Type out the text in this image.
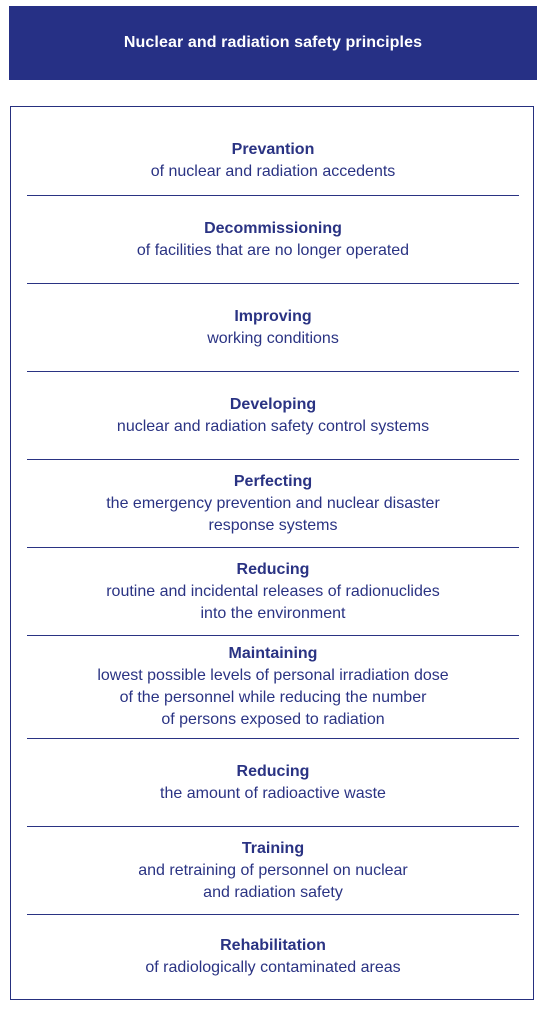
Nuclear and radiation safety principles
Prevantion
of nuclear and radiation accedents
Decommissioning
of facilities that are no longer operated
Improving
working conditions
Developing
nuclear and radiation safety control systems
Perfecting
the emergency prevention and nuclear disaster
response systems
Reducing
routine and incidental releases of radionuclides
into the environment
Maintaining
lowest possible levels of personal irradiation dose
of the personnel while reducing the number
of persons exposed to radiation
Reducing
the amount of radioactive waste
Training
and retraining of personnel on nuclear
and radiation safety
Rehabilitation
of radiologically contaminated areas
